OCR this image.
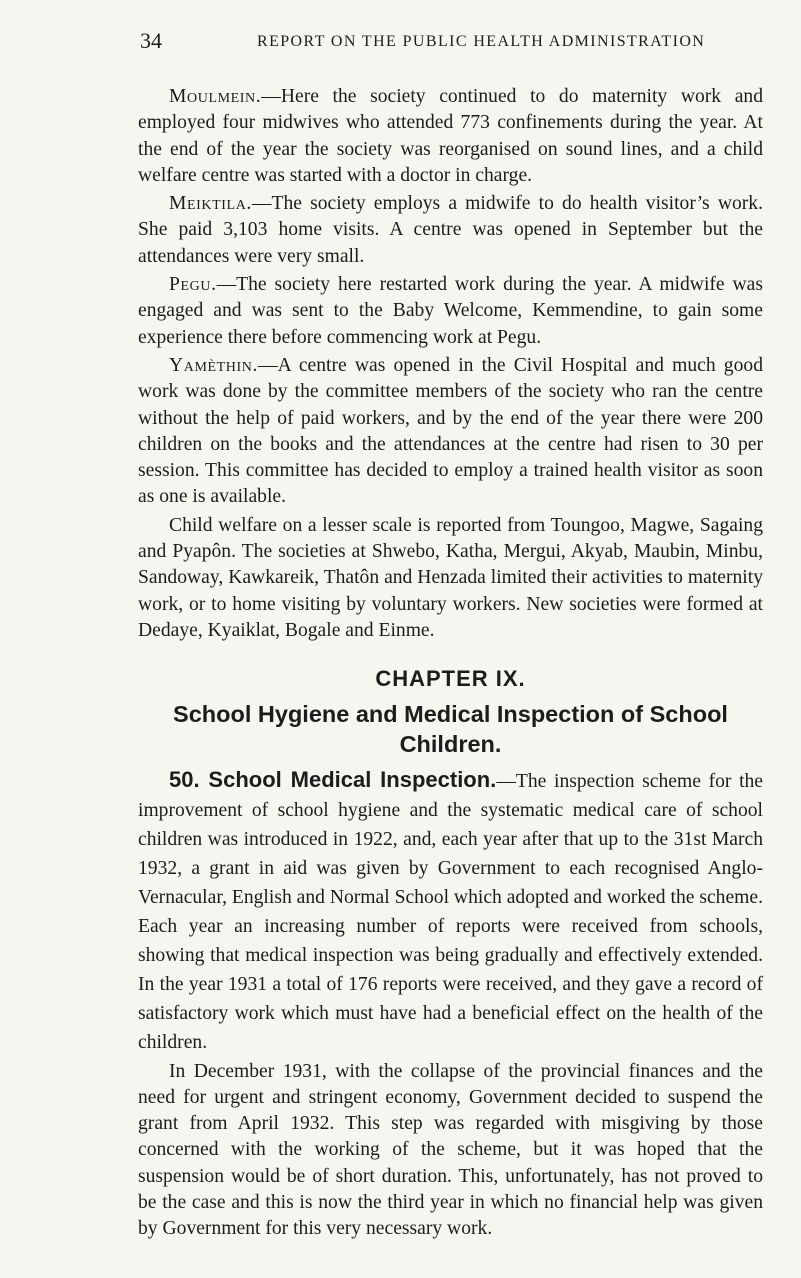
34	REPORT ON THE PUBLIC HEALTH ADMINISTRATION

Moulmein.—Here the society continued to do maternity work and employed four midwives who attended 773 confinements during the year. At the end of the year the society was reorganised on sound lines, and a child welfare centre was started with a doctor in charge.

Meiktila.—The society employs a midwife to do health visitor’s work. She paid 3,103 home visits. A centre was opened in September but the attendances were very small.

Pegu.—The society here restarted work during the year. A midwife was engaged and was sent to the Baby Welcome, Kemmendine, to gain some experience there before commencing work at Pegu.

Yamèthin.—A centre was opened in the Civil Hospital and much good work was done by the committee members of the society who ran the centre without the help of paid workers, and by the end of the year there were 200 children on the books and the attendances at the centre had risen to 30 per session. This committee has decided to employ a trained health visitor as soon as one is available.

Child welfare on a lesser scale is reported from Toungoo, Magwe, Sagaing and Pyapôn. The societies at Shwebo, Katha, Mergui, Akyab, Maubin, Minbu, Sandoway, Kawkareik, Thatôn and Henzada limited their activities to maternity work, or to home visiting by voluntary workers. New societies were formed at Dedaye, Kyaiklat, Bogale and Einme.

CHAPTER IX.
School Hygiene and Medical Inspection of School Children.

50. School Medical Inspection.—The inspection scheme for the improvement of school hygiene and the systematic medical care of school children was introduced in 1922, and, each year after that up to the 31st March 1932, a grant in aid was given by Government to each recognised Anglo-Vernacular, English and Normal School which adopted and worked the scheme. Each year an increasing number of reports were received from schools, showing that medical inspection was being gradually and effectively extended. In the year 1931 a total of 176 reports were received, and they gave a record of satisfactory work which must have had a beneficial effect on the health of the children.

In December 1931, with the collapse of the provincial finances and the need for urgent and stringent economy, Government decided to suspend the grant from April 1932. This step was regarded with misgiving by those concerned with the working of the scheme, but it was hoped that the suspension would be of short duration. This, unfortunately, has not proved to be the case and this is now the third year in which no financial help was given by Government for this very necessary work.
